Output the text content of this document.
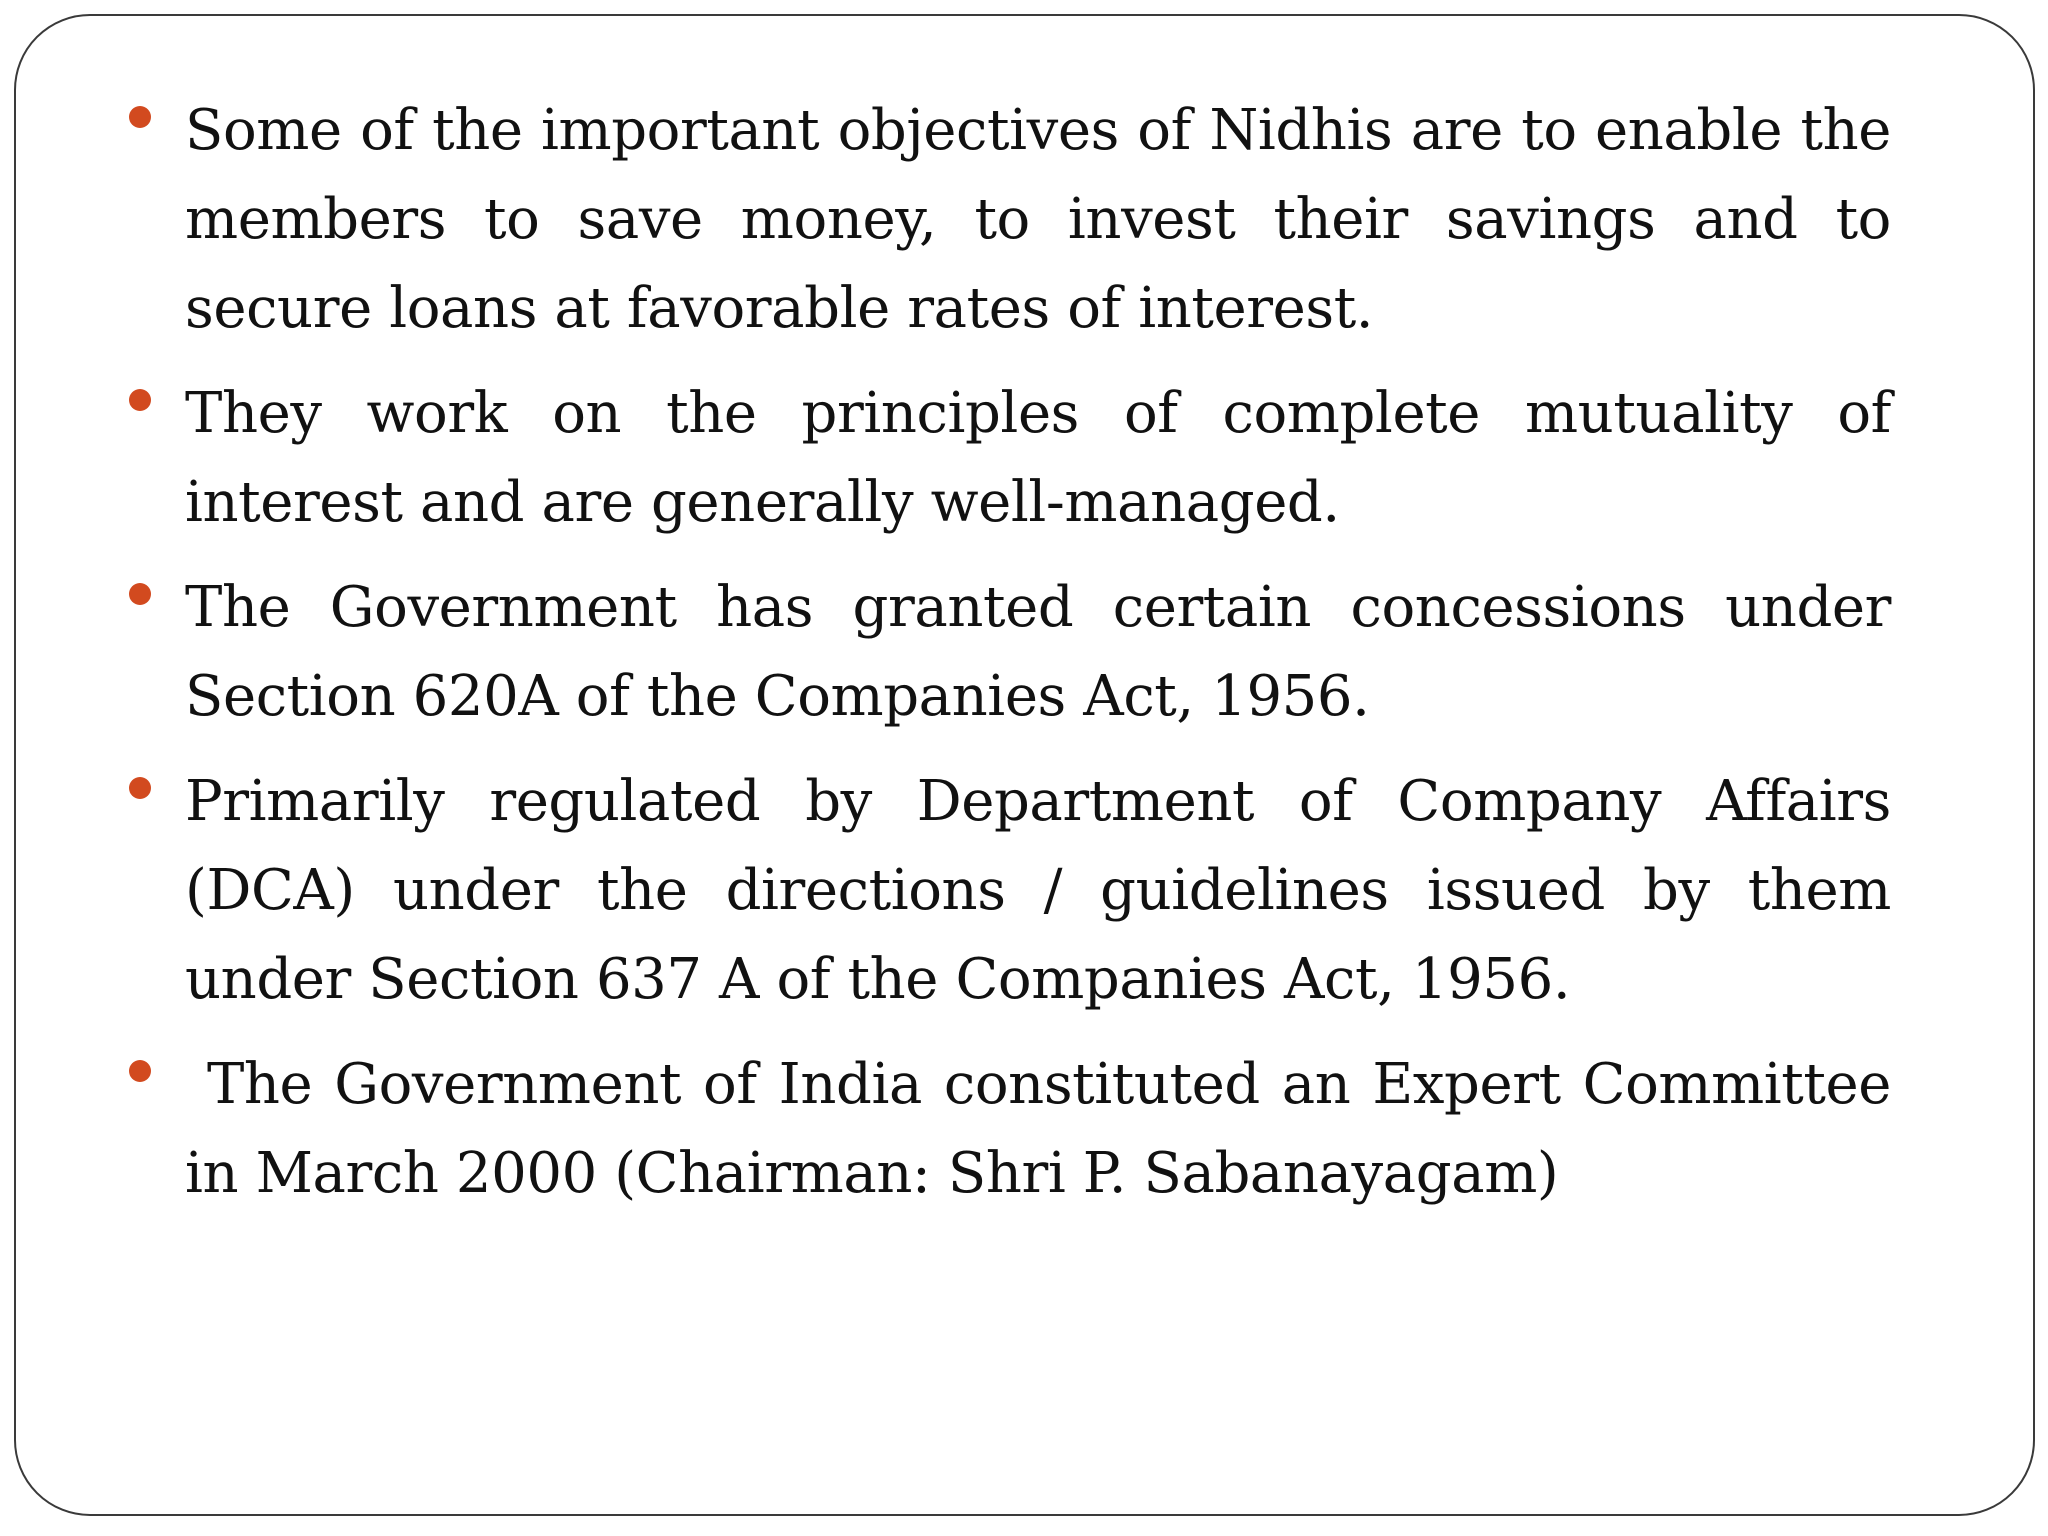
Some of the important objectives of Nidhis are to enable the members to save money, to invest their savings and to secure loans at favorable rates of interest.
They work on the principles of complete mutuality of interest and are generally well-managed.
The Government has granted certain concessions under Section 620A of the Companies Act, 1956.
Primarily regulated by Department of Company Affairs (DCA) under the directions / guidelines issued by them under Section 637 A of the Companies Act, 1956.
The Government of India constituted an Expert Committee in March 2000 (Chairman: Shri P. Sabanayagam)
